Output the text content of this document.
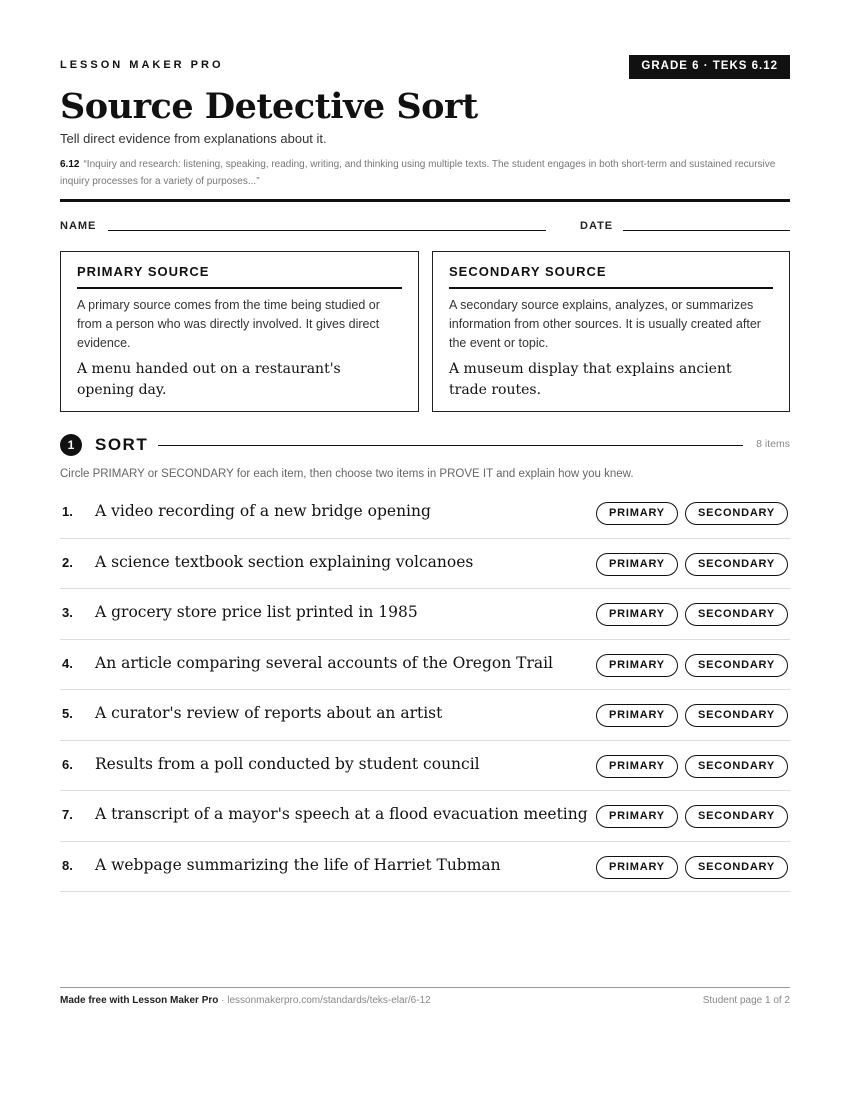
LESSON MAKER PRO	GRADE 6 · TEKS 6.12
Source Detective Sort
Tell direct evidence from explanations about it.
6.12 “Inquiry and research: listening, speaking, reading, writing, and thinking using multiple texts. The student engages in both short-term and sustained recursive inquiry processes for a variety of purposes...”
NAME	DATE
PRIMARY SOURCE
A primary source comes from the time being studied or from a person who was directly involved. It gives direct evidence.
A menu handed out on a restaurant's opening day.
SECONDARY SOURCE
A secondary source explains, analyzes, or summarizes information from other sources. It is usually created after the event or topic.
A museum display that explains ancient trade routes.
1	SORT	8 items
Circle PRIMARY or SECONDARY for each item, then choose two items in PROVE IT and explain how you knew.
1. A video recording of a new bridge opening	PRIMARY	SECONDARY
2. A science textbook section explaining volcanoes	PRIMARY	SECONDARY
3. A grocery store price list printed in 1985	PRIMARY	SECONDARY
4. An article comparing several accounts of the Oregon Trail	PRIMARY	SECONDARY
5. A curator's review of reports about an artist	PRIMARY	SECONDARY
6. Results from a poll conducted by student council	PRIMARY	SECONDARY
7. A transcript of a mayor's speech at a flood evacuation meeting	PRIMARY	SECONDARY
8. A webpage summarizing the life of Harriet Tubman	PRIMARY	SECONDARY
Made free with Lesson Maker Pro · lessonmakerpro.com/standards/teks-elar/6-12	Student page 1 of 2
